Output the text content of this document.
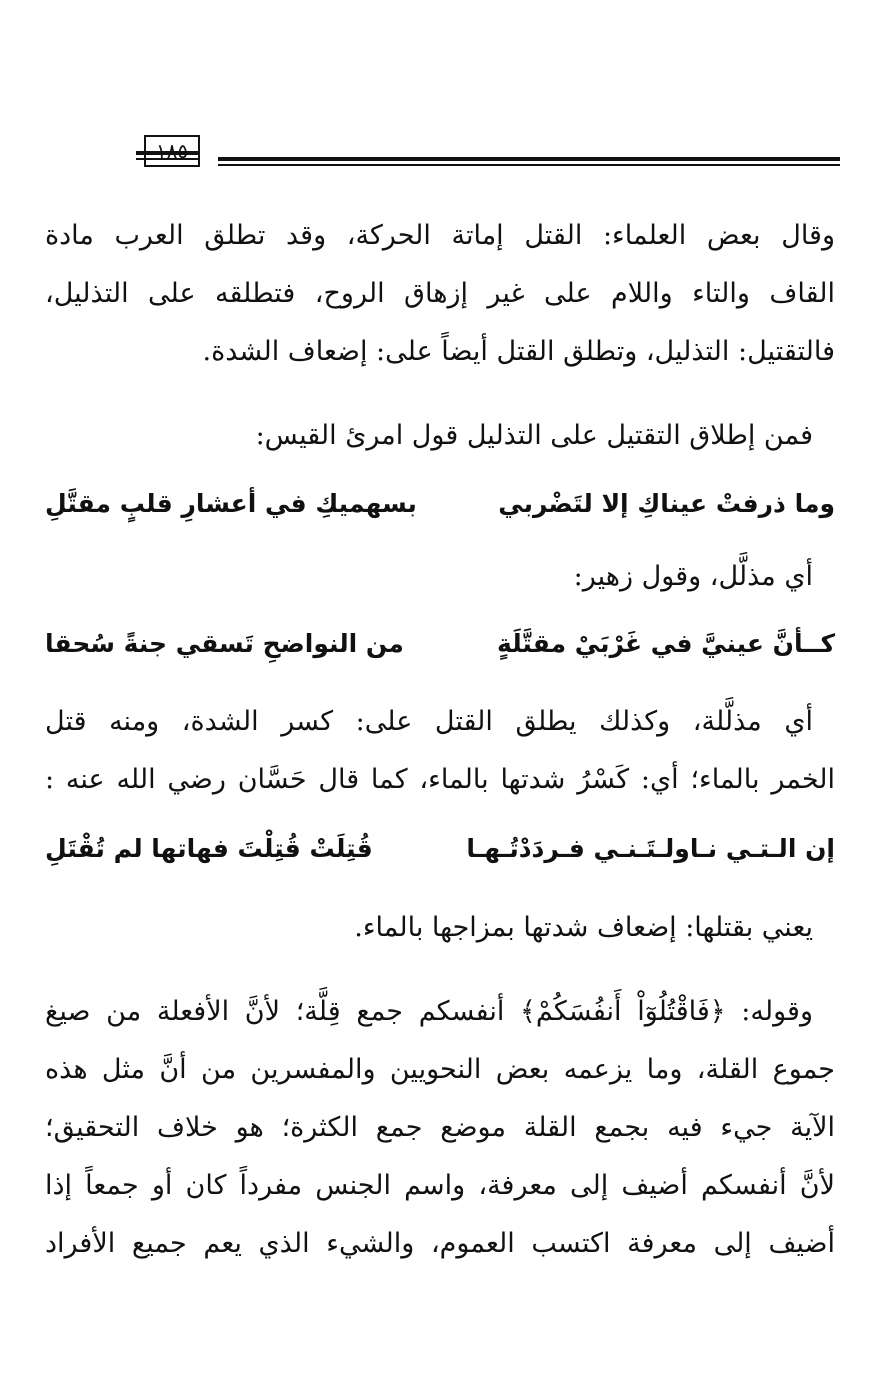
١٨٥
وقال بعض العلماء: القتل إماتة الحركة، وقد تطلق العرب مادة
القاف والتاء واللام على غير إزهاق الروح، فتطلقه على التذليل،
فالتقتيل: التذليل، وتطلق القتل أيضاً على: إضعاف الشدة.
فمن إطلاق التقتيل على التذليل قول امرئ القيس:
وما ذرفتْ عيناكِ إلا لتَضْربي
بسهميكِ في أعشارِ قلبٍ مقتَّلِ
أي مذلَّل، وقول زهير:
كــأنَّ عينيَّ في غَرْبَيْ مقتَّلَةٍ
من النواضحِ تَسقي جنةً سُحقا
أي مذلَّلة، وكذلك يطلق القتل على: كسر الشدة، ومنه قتل
الخمر بالماء؛ أي: كَسْرُ شدتها بالماء، كما قال حَسَّان رضي الله عنه :
إن الـتـي نـاولـتَـنـي فـردَدْتُـهـا
قُتِلَتْ قُتِلْتَ فهاتها لم تُقْتَلِ
يعني بقتلها: إضعاف شدتها بمزاجها بالماء.
وقوله: ﴿فَاقْتُلُوٓاْ أَنفُسَكُمْ﴾ أنفسكم جمع قِلَّة؛ لأنَّ الأفعلة من صيغ
جموع القلة، وما يزعمه بعض النحويين والمفسرين من أنَّ مثل هذه
الآية جيء فيه بجمع القلة موضع جمع الكثرة؛ هو خلاف التحقيق؛
لأنَّ أنفسكم أضيف إلى معرفة، واسم الجنس مفرداً كان أو جمعاً إذا
أضيف إلى معرفة اكتسب العموم، والشيء الذي يعم جميع الأفراد
